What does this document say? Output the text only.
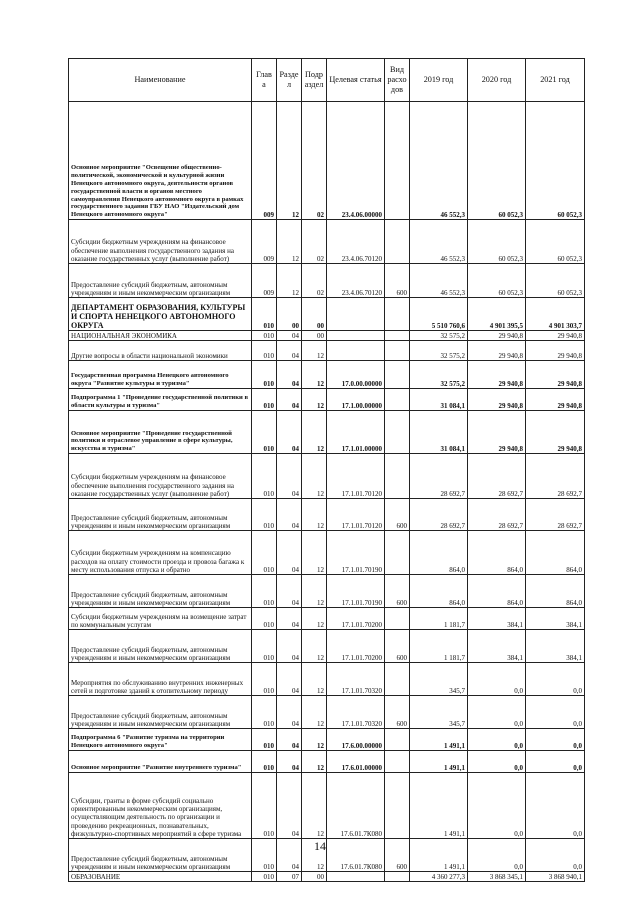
Наименование	Глав а	Разде л	Подр аздел	Целевая статья	Вид расхо дов	2019 год	2020 год	2021 год
Основное мероприятие "Освещение общественно-политической, экономической и культурной жизни Ненецкого автономного округа, деятельности органов государственной власти и органов местного самоуправления Ненецкого автономного округа в рамках государственного задания ГБУ НАО "Издательский дом Ненецкого автономного округа"	009	12	02	23.4.06.00000		46 552,3	60 052,3	60 052,3
Субсидии бюджетным учреждениям на финансовое обеспечение выполнения государственного задания на оказание государственных услуг (выполнение работ)	009	12	02	23.4.06.70120		46 552,3	60 052,3	60 052,3
Предоставление субсидий бюджетным, автономным учреждениям и иным некоммерческим организациям	009	12	02	23.4.06.70120	600	46 552,3	60 052,3	60 052,3
ДЕПАРТАМЕНТ ОБРАЗОВАНИЯ, КУЛЬТУРЫ И СПОРТА НЕНЕЦКОГО АВТОНОМНОГО ОКРУГА	010	00	00			5 510 760,6	4 901 395,5	4 901 303,7
НАЦИОНАЛЬНАЯ ЭКОНОМИКА	010	04	00			32 575,2	29 940,8	29 940,8
Другие вопросы в области национальной экономики	010	04	12			32 575,2	29 940,8	29 940,8
Государственная программа Ненецкого автономного округа "Развитие культуры и туризма"	010	04	12	17.0.00.00000		32 575,2	29 940,8	29 940,8
Подпрограмма 1 "Проведение государственной политики в области культуры и туризма"	010	04	12	17.1.00.00000		31 084,1	29 940,8	29 940,8
Основное мероприятие "Проведение государственной политики и отраслевое управление в сфере культуры, искусства и туризма"	010	04	12	17.1.01.00000		31 084,1	29 940,8	29 940,8
Субсидии бюджетным учреждениям на финансовое обеспечение выполнения государственного задания на оказание государственных услуг (выполнение работ)	010	04	12	17.1.01.70120		28 692,7	28 692,7	28 692,7
Предоставление субсидий бюджетным, автономным учреждениям и иным некоммерческим организациям	010	04	12	17.1.01.70120	600	28 692,7	28 692,7	28 692,7
Субсидии бюджетным учреждениям на компенсацию расходов на оплату стоимости проезда и провоза багажа к месту использования отпуска и обратно	010	04	12	17.1.01.70190		864,0	864,0	864,0
Предоставление субсидий бюджетным, автономным учреждениям и иным некоммерческим организациям	010	04	12	17.1.01.70190	600	864,0	864,0	864,0
Субсидии бюджетным учреждениям на возмещение затрат по коммунальным услугам	010	04	12	17.1.01.70200		1 181,7	384,1	384,1
Предоставление субсидий бюджетным, автономным учреждениям и иным некоммерческим организациям	010	04	12	17.1.01.70200	600	1 181,7	384,1	384,1
Мероприятия по обслуживанию внутренних инженерных сетей и подготовке зданий к отопительному периоду	010	04	12	17.1.01.70320		345,7	0,0	0,0
Предоставление субсидий бюджетным, автономным учреждениям и иным некоммерческим организациям	010	04	12	17.1.01.70320	600	345,7	0,0	0,0
Подпрограмма 6 "Развитие туризма на территории Ненецкого автономного округа"	010	04	12	17.6.00.00000		1 491,1	0,0	0,0
Основное мероприятие "Развитие внутреннего туризма"	010	04	12	17.6.01.00000		1 491,1	0,0	0,0
Субсидии, гранты в форме субсидий социально ориентированным некоммерческим организациям, осуществляющим деятельность по организации и проведению рекреационных, познавательных, физкультурно-спортивных мероприятий в сфере туризма	010	04	12	17.6.01.7К080		1 491,1	0,0	0,0
Предоставление субсидий бюджетным, автономным учреждениям и иным некоммерческим организациям	010	04	12	17.6.01.7К080	600	1 491,1	0,0	0,0
ОБРАЗОВАНИЕ	010	07	00			4 360 277,3	3 868 345,1	3 868 940,1
14
